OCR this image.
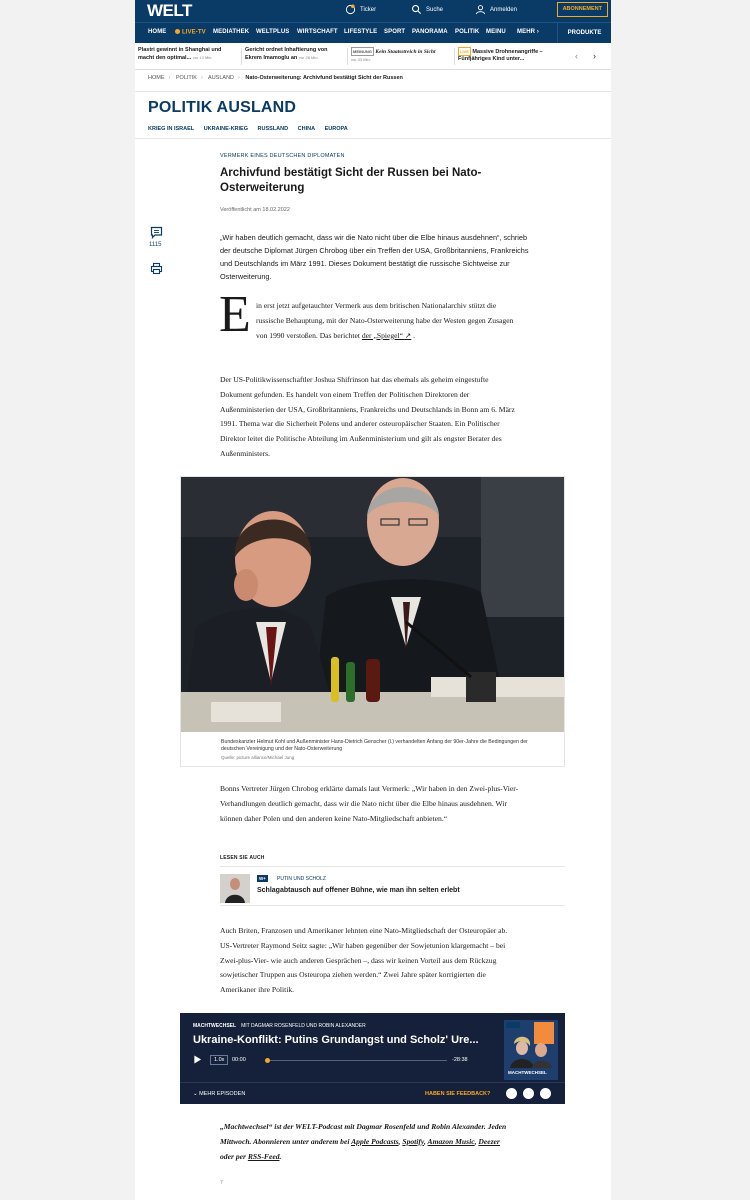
WELT	Ticker	Suche	Anmelden	ABONNEMENT
HOME	LIVE-TV MEDIATHEK WELTPLUS WIRTSCHAFT LIFESTYLE SPORT PANORAMA POLITIK MEINU MEHR ›	PRODUKTE
Plastri gewinnt in Shanghai und
macht den optimal... vor 13 Min.
Gericht ordnet Inhaftierung von
Ekrem Imamoglu an vor 28 Min.
MEINUNG Kein Staatsstreich in Sicht
vor 33 Min.
LIVE Massive Drohnenangriffe –
Fünfjähriges Kind unter...	‹ ›
HOME › POLITIK › AUSLAND › Nato-Osterweiterung: Archivfund bestätigt Sicht der Russen
POLITIK AUSLAND
KRIEG IN ISRAEL UKRAINE-KRIEG RUSSLAND CHINA EUROPA
VERMERK EINES DEUTSCHEN DIPLOMATEN
Archivfund bestätigt Sicht der Russen bei Nato-Osterweiterung
Veröffentlicht am 18.02.2022
1115

„Wir haben deutlich gemacht, dass wir die Nato nicht über die Elbe hinaus ausdehnen“, schrieb der deutsche Diplomat Jürgen Chrobog über ein Treffen der USA, Großbritanniens, Frankreichs und Deutschlands im März 1991. Dieses Dokument bestätigt die russische Sichtweise zur Osterweiterung.

E in erst jetzt aufgetauchter Vermerk aus dem britischen Nationalarchiv stützt die russische Behauptung, mit der Nato-Osterweiterung habe der Westen gegen Zusagen von 1990 verstoßen. Das berichtet der „Spiegel“ ↗ .

Der US-Politikwissenschaftler Joshua Shifrinson hat das ehemals als geheim eingestufte Dokument gefunden. Es handelt von einem Treffen der Politischen Direktoren der Außenministerien der USA, Großbritanniens, Frankreichs und Deutschlands in Bonn am 6. März 1991. Thema war die Sicherheit Polens und anderer osteuropäischer Staaten. Ein Politischer Direktor leitet die Politische Abteilung im Außenministerium und gilt als engster Berater des Außenministers.

Bundeskanzler Helmut Kohl und Außenminister Hans-Dietrich Genscher (l.) verhandelten Anfang der 90er-Jahre die Bedingungen der deutschen Vereinigung und der Nato-Osterweiterung

Quelle: picture alliance/Michael Jung

Bonns Vertreter Jürgen Chrobog erklärte damals laut Vermerk: „Wir haben in den Zwei-plus-Vier-Verhandlungen deutlich gemacht, dass wir die Nato nicht über die Elbe hinaus ausdehnen. Wir können daher Polen und den anderen keine Nato-Mitgliedschaft anbieten.“

LESEN SIE AUCH
W+	PUTIN UND SCHOLZ
Schlagabtausch auf offener Bühne, wie man ihn selten erlebt

Auch Briten, Franzosen und Amerikaner lehnten eine Nato-Mitgliedschaft der Osteuropäer ab. US-Vertreter Raymond Seitz sagte: „Wir haben gegenüber der Sowjetunion klargemacht – bei Zwei-plus-Vier- wie auch anderen Gesprächen –, dass wir keinen Vorteil aus dem Rückzug sowjetischer Truppen aus Osteuropa ziehen werden.“ Zwei Jahre später korrigierten die Amerikaner ihre Politik.

MACHTWECHSEL MIT DAGMAR ROSENFELD UND ROBIN ALEXANDER
Ukraine-Konflikt: Putins Grundangst und Scholz' Ure...
1.0x	00:00	-28:38
MACHTWECHSEL
⌄ MEHR EPISODEN	HABEN SIE FEEDBACK?

„Machtwechsel“ ist der WELT-Podcast mit Dagmar Rosenfeld und Robin Alexander. Jeden Mittwoch. Abonnieren unter anderem bei Apple Podcasts, Spotify, Amazon Music, Deezer oder per RSS-Feed.

7
